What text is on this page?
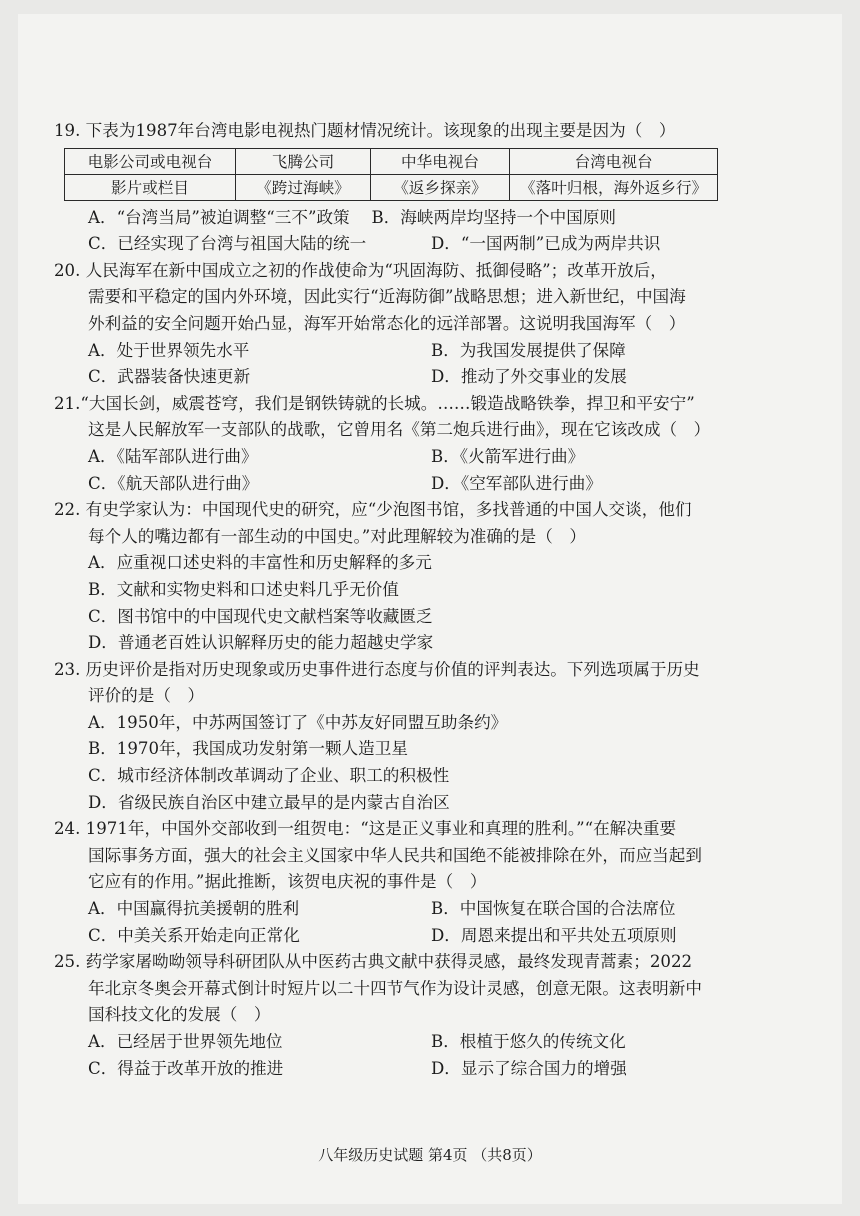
19. 下表为1987年台湾电影电视热门题材情况统计。该现象的出现主要是因为（　）
电影公司或电视台	飞腾公司	中华电视台	台湾电视台
影片或栏目	《跨过海峡》	《返乡探亲》	《落叶归根，海外返乡行》
A．“台湾当局”被迫调整“三不”政策　 B．海峡两岸均坚持一个中国原则
C．已经实现了台湾与祖国大陆的统一	D．“一国两制”已成为两岸共识
20. 人民海军在新中国成立之初的作战使命为“巩固海防、抵御侵略”；改革开放后，
需要和平稳定的国内外环境，因此实行“近海防御”战略思想；进入新世纪，中国海
外利益的安全问题开始凸显，海军开始常态化的远洋部署。这说明我国海军（　）
A．处于世界领先水平	B．为我国发展提供了保障
C．武器装备快速更新	D．推动了外交事业的发展
21.“大国长剑，威震苍穹，我们是钢铁铸就的长城。……锻造战略铁拳，捍卫和平安宁”
这是人民解放军一支部队的战歌，它曾用名《第二炮兵进行曲》，现在它该改成（　）
A．《陆军部队进行曲》	B．《火箭军进行曲》
C．《航天部队进行曲》	D．《空军部队进行曲》
22. 有史学家认为：中国现代史的研究，应“少泡图书馆，多找普通的中国人交谈，他们
每个人的嘴边都有一部生动的中国史。”对此理解较为准确的是（　）
A．应重视口述史料的丰富性和历史解释的多元
B．文献和实物史料和口述史料几乎无价值
C．图书馆中的中国现代史文献档案等收藏匮乏
D．普通老百姓认识解释历史的能力超越史学家
23. 历史评价是指对历史现象或历史事件进行态度与价值的评判表达。下列选项属于历史
评价的是（　）
A．1950年，中苏两国签订了《中苏友好同盟互助条约》
B．1970年，我国成功发射第一颗人造卫星
C．城市经济体制改革调动了企业、职工的积极性
D．省级民族自治区中建立最早的是内蒙古自治区
24. 1971年，中国外交部收到一组贺电：“这是正义事业和真理的胜利。”“在解决重要
国际事务方面，强大的社会主义国家中华人民共和国绝不能被排除在外，而应当起到
它应有的作用。”据此推断，该贺电庆祝的事件是（　）
A．中国赢得抗美援朝的胜利	B．中国恢复在联合国的合法席位
C．中美关系开始走向正常化	D．周恩来提出和平共处五项原则
25. 药学家屠呦呦领导科研团队从中医药古典文献中获得灵感，最终发现青蒿素；2022
年北京冬奥会开幕式倒计时短片以二十四节气作为设计灵感，创意无限。这表明新中
国科技文化的发展（　）
A．已经居于世界领先地位	B．根植于悠久的传统文化
C．得益于改革开放的推进	D．显示了综合国力的增强
八年级历史试题 第4页 （共8页）
